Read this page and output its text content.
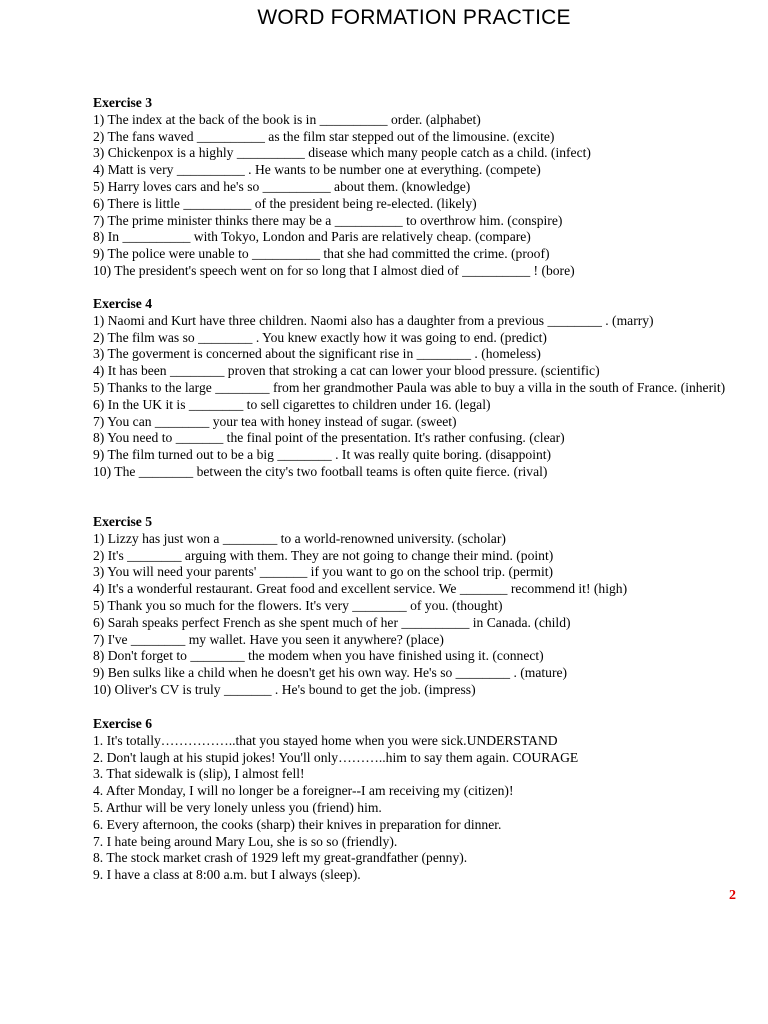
WORD FORMATION PRACTICE
Exercise 3
1) The index at the back of the book is in __________ order. (alphabet)
2) The fans waved __________ as the film star stepped out of the limousine. (excite)
3) Chickenpox is a highly __________ disease which many people catch as a child. (infect)
4) Matt is very __________ . He wants to be number one at everything. (compete)
5) Harry loves cars and he's so __________ about them. (knowledge)
6) There is little __________ of the president being re-elected. (likely)
7) The prime minister thinks there may be a __________ to overthrow him. (conspire)
8) In __________ with Tokyo, London and Paris are relatively cheap. (compare)
9) The police were unable to __________ that she had committed the crime. (proof)
10) The president's speech went on for so long that I almost died of __________ ! (bore)
Exercise 4
1) Naomi and Kurt have three children. Naomi also has a daughter from a previous ________ . (marry)
2) The film was so ________ . You knew exactly how it was going to end. (predict)
3) The goverment is concerned about the significant rise in ________ . (homeless)
4) It has been ________ proven that stroking a cat can lower your blood pressure. (scientific)
5) Thanks to the large ________ from her grandmother Paula was able to buy a villa in the south of France. (inherit)
6) In the UK it is ________ to sell cigarettes to children under 16. (legal)
7) You can ________ your tea with honey instead of sugar. (sweet)
8) You need to _______ the final point of the presentation. It's rather confusing. (clear)
9) The film turned out to be a big ________ . It was really quite boring. (disappoint)
10) The ________ between the city's two football teams is often quite fierce. (rival)
Exercise 5
1) Lizzy has just won a ________ to a world-renowned university. (scholar)
2) It's ________ arguing with them. They are not going to change their mind. (point)
3) You will need your parents' _______ if you want to go on the school trip. (permit)
4) It's a wonderful restaurant. Great food and excellent service. We _______ recommend it! (high)
5) Thank you so much for the flowers. It's very ________ of you. (thought)
6) Sarah speaks perfect French as she spent much of her __________ in Canada. (child)
7) I've ________ my wallet. Have you seen it anywhere? (place)
8) Don't forget to ________ the modem when you have finished using it. (connect)
9) Ben sulks like a child when he doesn't get his own way. He's so ________ . (mature)
10) Oliver's CV is truly _______ . He's bound to get the job. (impress)
Exercise 6
1. It's totally……………..that you stayed home when you were sick.UNDERSTAND
2. Don't laugh at his stupid jokes! You'll only………..him to say them again. COURAGE
3. That sidewalk is (slip), I almost fell!
4. After Monday, I will no longer be a foreigner--I am receiving my (citizen)!
5. Arthur will be very lonely unless you (friend) him.
6. Every afternoon, the cooks (sharp) their knives in preparation for dinner.
7. I hate being around Mary Lou, she is so so (friendly).
8. The stock market crash of 1929 left my great-grandfather (penny).
9. I have a class at 8:00 a.m. but I always (sleep).
2
